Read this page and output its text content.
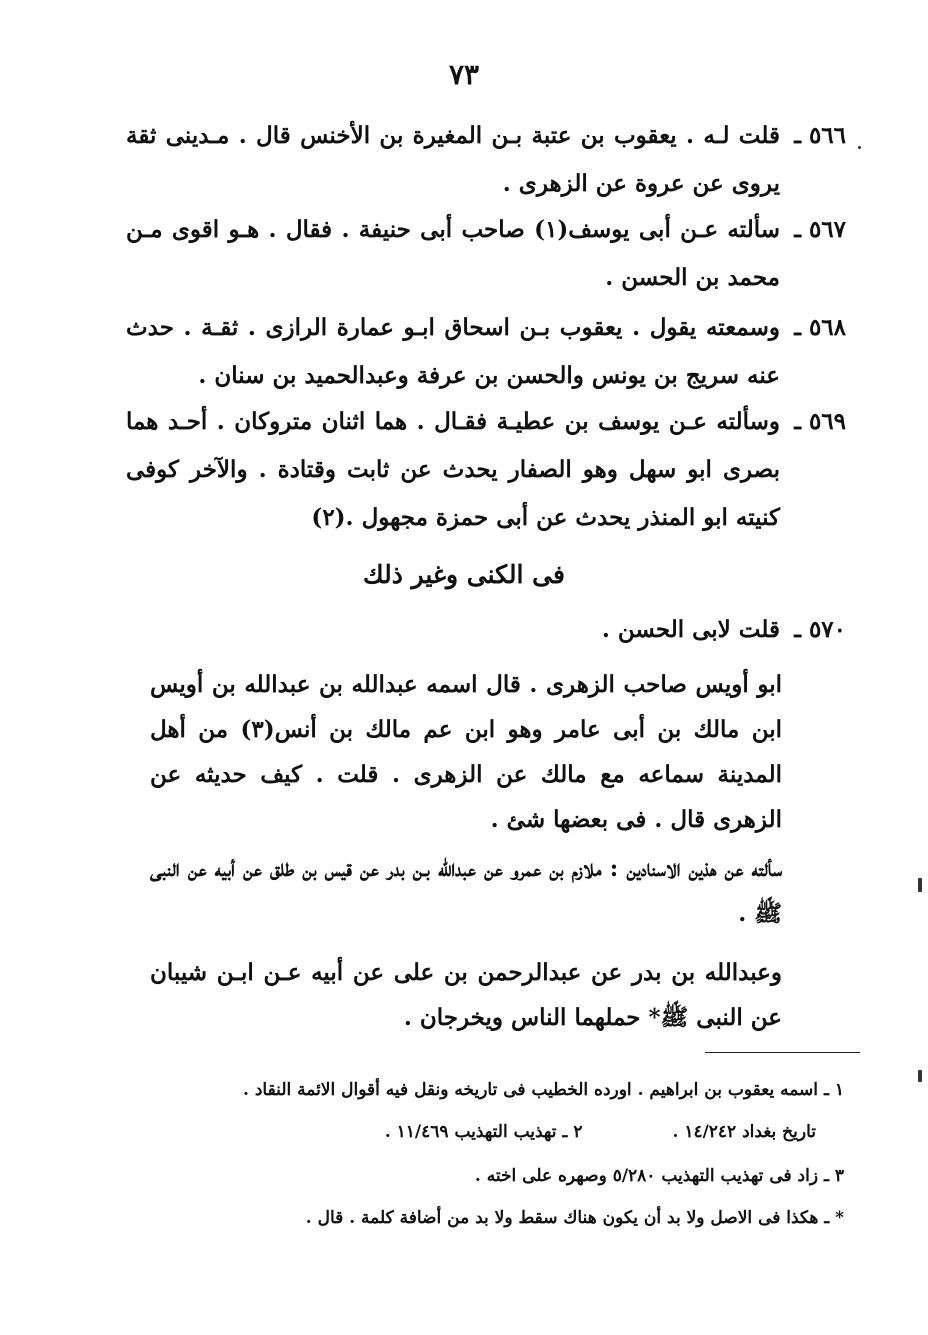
٧٣
٥٦٦ ـ
قلت لـه . يعقوب بن عتبة بـن المغيرة بن الأخنس قال . مـدينى ثقة يروى عن عروة عن الزهرى .
٥٦٧ ـ
سألته عـن أبى يوسف(١) صاحب أبى حنيفة . فقال . هـو اقوى مـن محمد بن الحسن .
٥٦٨ ـ
وسمعته يقول . يعقوب بـن اسحاق ابـو عمارة الرازى . ثقـة . حدث عنه سريج بن يونس والحسن بن عرفة وعبدالحميد بن سنان .
٥٦٩ ـ
وسألته عـن يوسف بن عطيـة فقـال . هما اثنان متروكان . أحـد هما بصرى ابو سهل وهو الصفار يحدث عن ثابت وقتادة . والآخر كوفى كنيته ابو المنذر يحدث عن أبى حمزة مجهول .(٢)
فى الكنى وغير ذلك
٥٧٠ ـ
قلت لابى الحسن .
ابو أويس صاحب الزهرى . قال اسمه عبدالله بن عبدالله بن أويس ابن مالك بن أبى عامر وهو ابن عم مالك بن أنس(٣) من أهل المدينة سماعه مع مالك عن الزهرى . قلت . كيف حديثه عن الزهرى قال . فى بعضها شئ .
سألته عن هذين الاسنادين : ملازم بن عمرو عن عبدالله بـن بدر عن قيس بن طلق عن أبيه عن النبى ﷺ .
وعبدالله بن بدر عن عبدالرحمن بن على عن أبيه عـن ابـن شيبان عن النبى ﷺ* حملهما الناس ويخرجان .
١ ـ اسمه يعقوب بن ابراهيم . اورده الخطيب فى تاريخه ونقل فيه أقوال الائمة النقاد .
تاريخ بغداد ١٤/٢٤٢ .٢ ـ تهذيب التهذيب ١١/٤٦٩ .
٣ ـ زاد فى تهذيب التهذيب ٥/٢٨٠ وصهره على اخته .
* ـ هكذا فى الاصل ولا بد أن يكون هناك سقط ولا بد من أضافة كلمة . قال .
